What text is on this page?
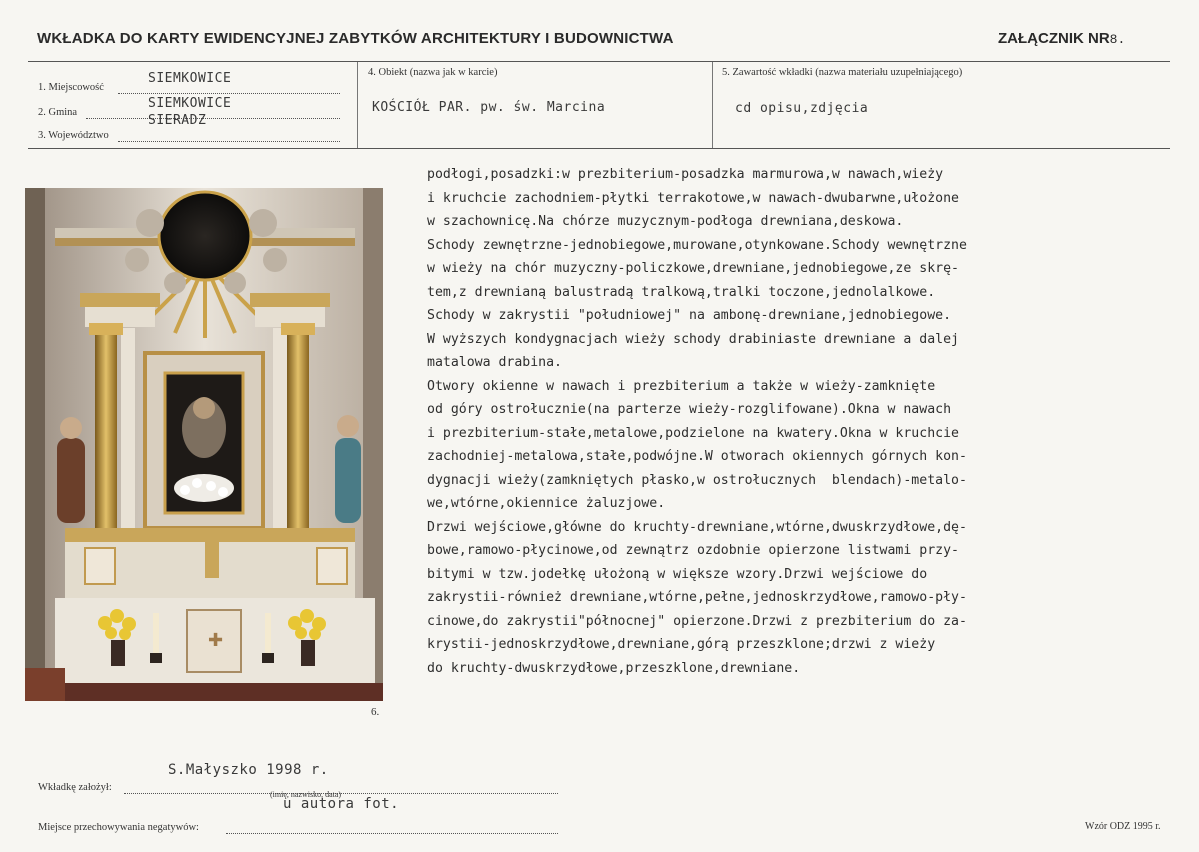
WKŁADKA DO KARTY EWIDENCYJNEJ ZABYTKÓW ARCHITEKTURY I BUDOWNICTWA	ZAŁĄCZNIK NR8.
1. Miejscowość
SIEMKOWICE
2. Gmina
SIEMKOWICE
3. Województwo
SIERADZ
4. Obiekt (nazwa jak w karcie)
KOŚCIÓŁ PAR. pw. św. Marcina
5. Zawartość wkładki (nazwa materiału uzupełniającego)
cd opisu,zdjęcia
✚
6.
podłogi,posadzki:w prezbiterium-posadzka marmurowa,w nawach,wieży
i kruchcie zachodniem-płytki terrakotowe,w nawach-dwubarwne,ułożone
w szachownicę.Na chórze muzycznym-podłoga drewniana,deskowa.
Schody zewnętrzne-jednobiegowe,murowane,otynkowane.Schody wewnętrzne
w wieży na chór muzyczny-policzkowe,drewniane,jednobiegowe,ze skrę-
tem,z drewnianą balustradą tralkową,tralki toczone,jednolalkowe.
Schody w zakrystii "południowej" na ambonę-drewniane,jednobiegowe.
W wyższych kondygnacjach wieży schody drabiniaste drewniane a dalej
matalowa drabina.
Otwory okienne w nawach i prezbiterium a także w wieży-zamknięte
od góry ostrołucznie(na parterze wieży-rozglifowane).Okna w nawach
i prezbiterium-stałe,metalowe,podzielone na kwatery.Okna w kruchcie
zachodniej-metalowa,stałe,podwójne.W otworach okiennych górnych kon-
dygnacji wieży(zamkniętych płasko,w ostrołucznych  blendach)-metalo-
we,wtórne,okiennice żaluzjowe.
Drzwi wejściowe,główne do kruchty-drewniane,wtórne,dwuskrzydłowe,dę-
bowe,ramowo-płycinowe,od zewnątrz ozdobnie opierzone listwami przy-
bitymi w tzw.jodełkę ułożoną w większe wzory.Drzwi wejściowe do
zakrystii-również drewniane,wtórne,pełne,jednoskrzydłowe,ramowo-pły-
cinowe,do zakrystii"północnej" opierzone.Drzwi z prezbiterium do za-
krystii-jednoskrzydłowe,drewniane,górą przeszklone;drzwi z wieży
do kruchty-dwuskrzydłowe,przeszklone,drewniane.
S.Małyszko 1998 r.
Wkładkę założył:
(imię, nazwisko, data)
u autora fot.
Miejsce przechowywania negatywów:	Wzór ODZ 1995 r.
